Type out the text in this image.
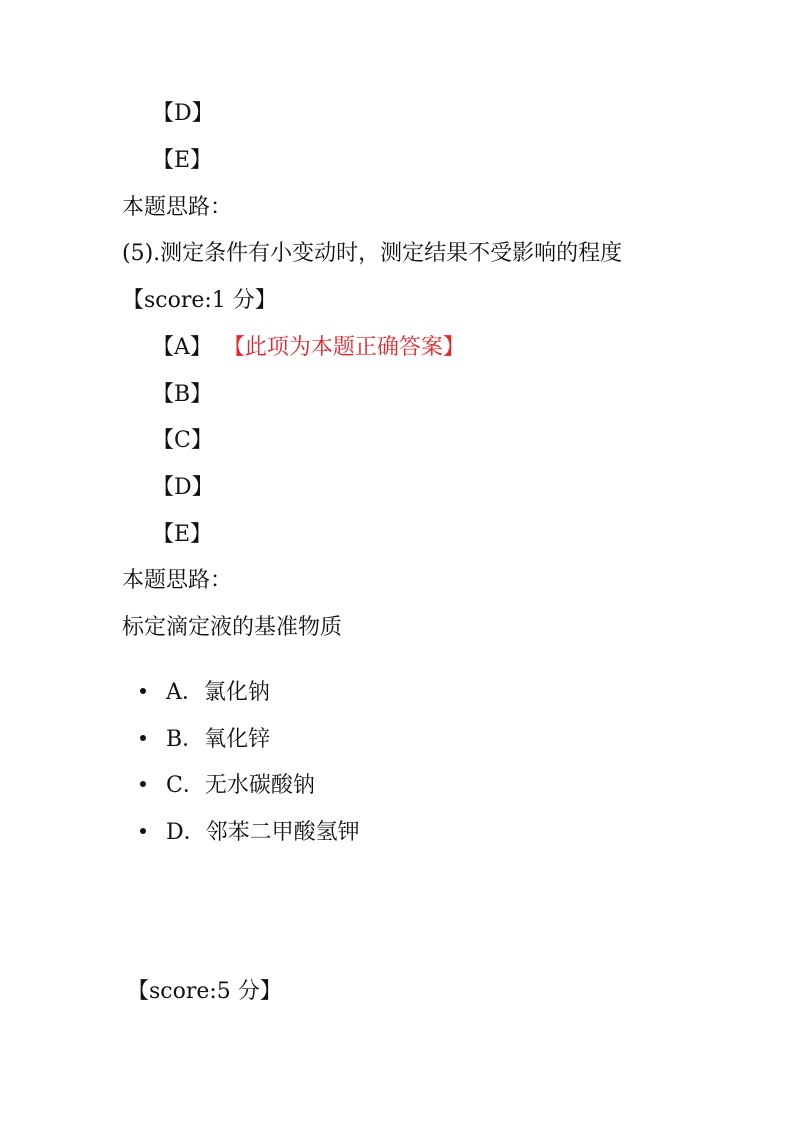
【D】
【E】
本题思路：
(5).测定条件有小变动时，测定结果不受影响的程度
【score:1 分】
【A】 【此项为本题正确答案】
【B】
【C】
【D】
【E】
本题思路：
标定滴定液的基准物质
A．氯化钠
B．氧化锌
C．无水碳酸钠
D．邻苯二甲酸氢钾
【score:5 分】
